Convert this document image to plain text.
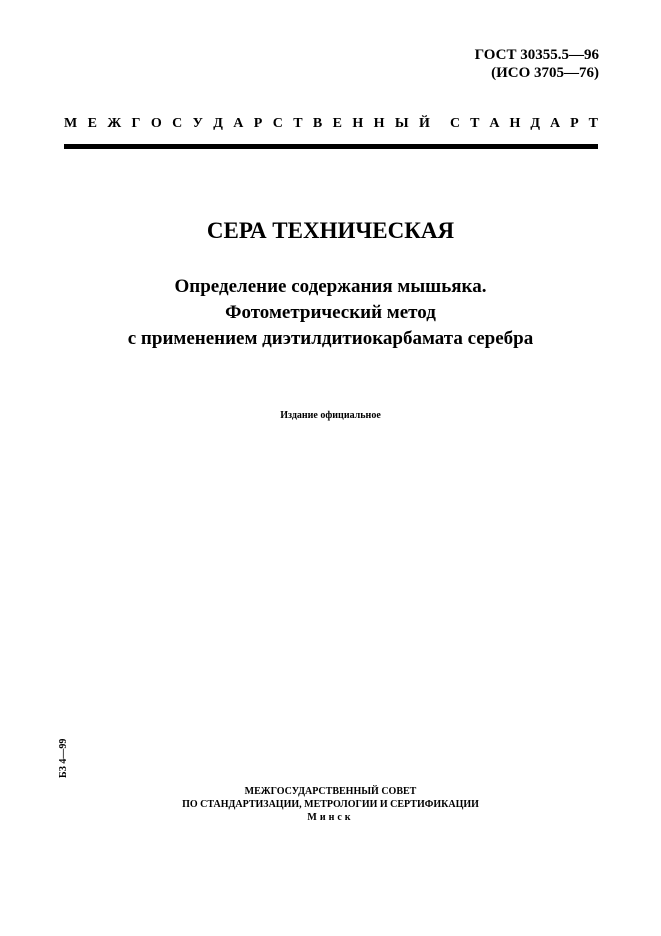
ГОСТ 30355.5—96
(ИСО 3705—76)
М Е Ж Г О С У Д А Р С Т В Е Н Н Ы Й С Т А Н Д А Р Т
СЕРА ТЕХНИЧЕСКАЯ
Определение содержания мышьяка.
Фотометрический метод
с применением диэтилдитиокарбамата серебра
Издание официальное
БЗ 4—99
МЕЖГОСУДАРСТВЕННЫЙ СОВЕТ
ПО СТАНДАРТИЗАЦИИ, МЕТРОЛОГИИ И СЕРТИФИКАЦИИ
Минск
